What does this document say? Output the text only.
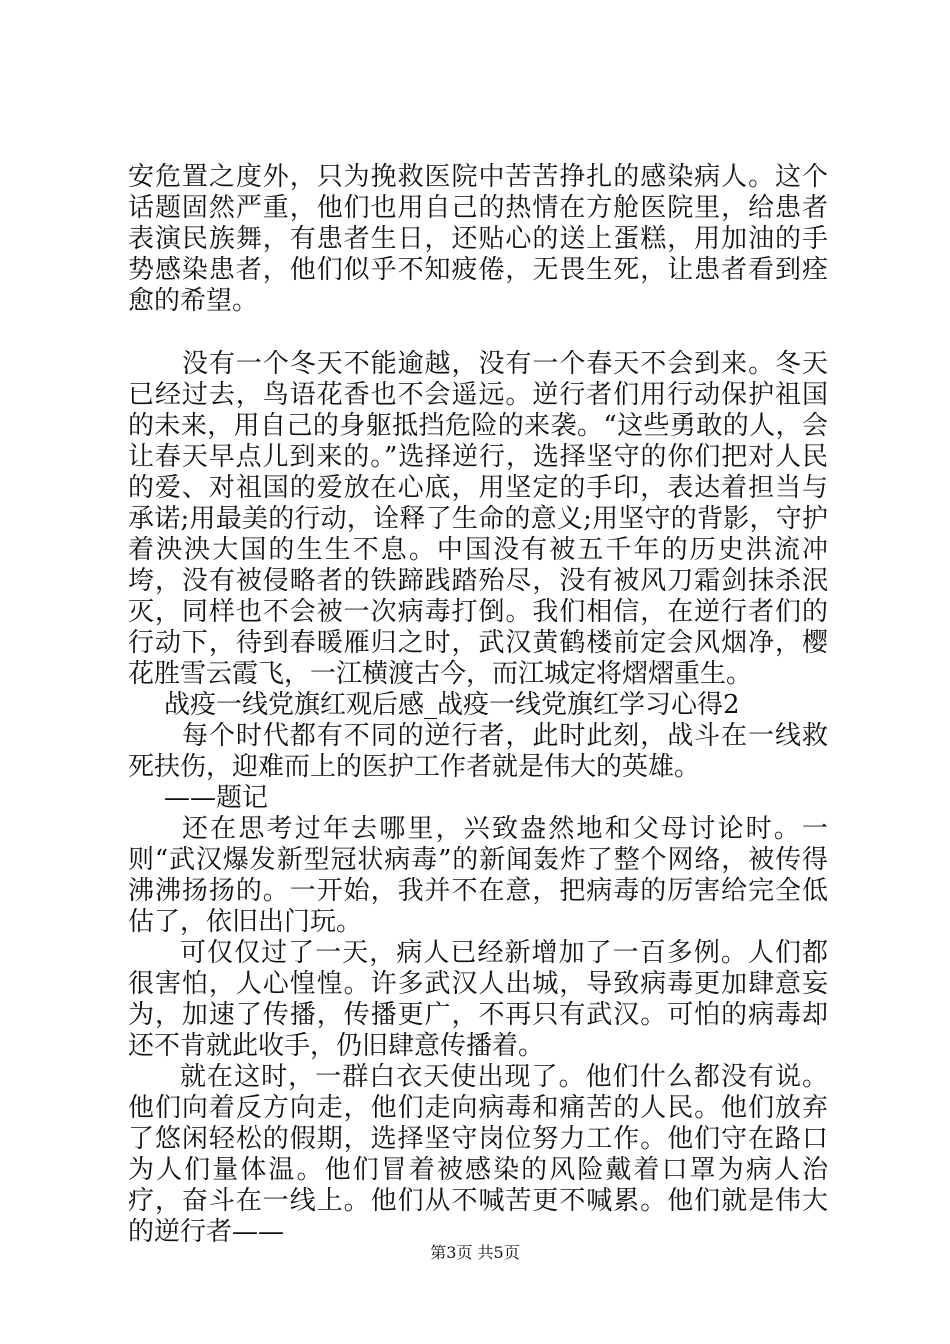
安危置之度外，只为挽救医院中苦苦挣扎的感染病人。这个话题固然严重，他们也用自己的热情在方舱医院里，给患者表演民族舞，有患者生日，还贴心的送上蛋糕，用加油的手势感染患者，他们似乎不知疲倦，无畏生死，让患者看到痊愈的希望。

没有一个冬天不能逾越，没有一个春天不会到来。冬天已经过去，鸟语花香也不会遥远。逆行者们用行动保护祖国的未来，用自己的身躯抵挡危险的来袭。“这些勇敢的人，会让春天早点儿到来的。”选择逆行，选择坚守的你们把对人民的爱、对祖国的爱放在心底，用坚定的手印，表达着担当与承诺;用最美的行动，诠释了生命的意义;用坚守的背影，守护着泱泱大国的生生不息。中国没有被五千年的历史洪流冲垮，没有被侵略者的铁蹄践踏殆尽，没有被风刀霜剑抹杀泯灭，同样也不会被一次病毒打倒。我们相信，在逆行者们的行动下，待到春暖雁归之时，武汉黄鹤楼前定会风烟净，樱花胜雪云霞飞，一江横渡古今，而江城定将熠熠重生。

战疫一线党旗红观后感_战疫一线党旗红学习心得2

每个时代都有不同的逆行者，此时此刻，战斗在一线救死扶伤，迎难而上的医护工作者就是伟大的英雄。

——题记

还在思考过年去哪里，兴致盎然地和父母讨论时。一则“武汉爆发新型冠状病毒”的新闻轰炸了整个网络，被传得沸沸扬扬的。一开始，我并不在意，把病毒的厉害给完全低估了，依旧出门玩。

可仅仅过了一天，病人已经新增加了一百多例。人们都很害怕，人心惶惶。许多武汉人出城，导致病毒更加肆意妄为，加速了传播，传播更广，不再只有武汉。可怕的病毒却还不肯就此收手，仍旧肆意传播着。

就在这时，一群白衣天使出现了。他们什么都没有说。他们向着反方向走，他们走向病毒和痛苦的人民。他们放弃了悠闲轻松的假期，选择坚守岗位努力工作。他们守在路口为人们量体温。他们冒着被感染的风险戴着口罩为病人治疗，奋斗在一线上。他们从不喊苦更不喊累。他们就是伟大的逆行者——

第3页 共5页
